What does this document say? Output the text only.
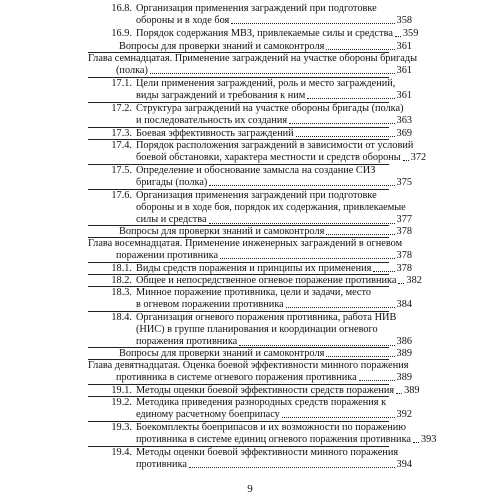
16.8. Организация применения заграждений при подготовке
обороны и в ходе боя	358
16.9. Порядок содержания МВЗ, привлекаемые силы и средства 359
Вопросы для проверки знаний и самоконтроля	361
Глава семнадцатая. Применение заграждений на участке обороны бригады
(полка)	361
17.1. Цели применения заграждений, роль и место заграждений,
виды заграждений и требования к ним	361
17.2. Структура заграждений на участке обороны бригады (полка)
и последовательность их создания	363
17.3. Боевая эффективность заграждений	369
17.4. Порядок расположения заграждений в зависимости от условий
боевой обстановки, характера местности и средств обороны 372
17.5. Определение и обоснование замысла на создание СИЗ
бригады (полка)	375
17.6. Организация применения заграждений при подготовке
обороны и в ходе боя, порядок их содержания, привлекаемые
силы и средства	377
Вопросы для проверки знаний и самоконтроля	378
Глава восемнадцатая. Применение инженерных заграждений в огневом
поражении противника	378
18.1. Виды средств поражения и принципы их применения 378
18.2. Общее и непосредственное огневое поражение противника 382
18.3. Минное поражение противника, цели и задачи, место
в огневом поражении противника	384
18.4. Организация огневого поражения противника, работа НИВ
(НИС) в группе планирования и координации огневого
поражения противника	386
Вопросы для проверки знаний и самоконтроля	389
Глава девятнадцатая. Оценка боевой эффективности минного поражения
противника в системе огневого поражения противника	389
19.1. Методы оценки боевой эффективности средств поражения 389
19.2. Методика приведения разнородных средств поражения к
единому расчетному боеприпасу	392
19.3. Боекомплекты боеприпасов и их возможности по поражению
противника в системе единиц огневого поражения противника 393
19.4. Методы оценки боевой эффективности минного поражения
противника	394
9
